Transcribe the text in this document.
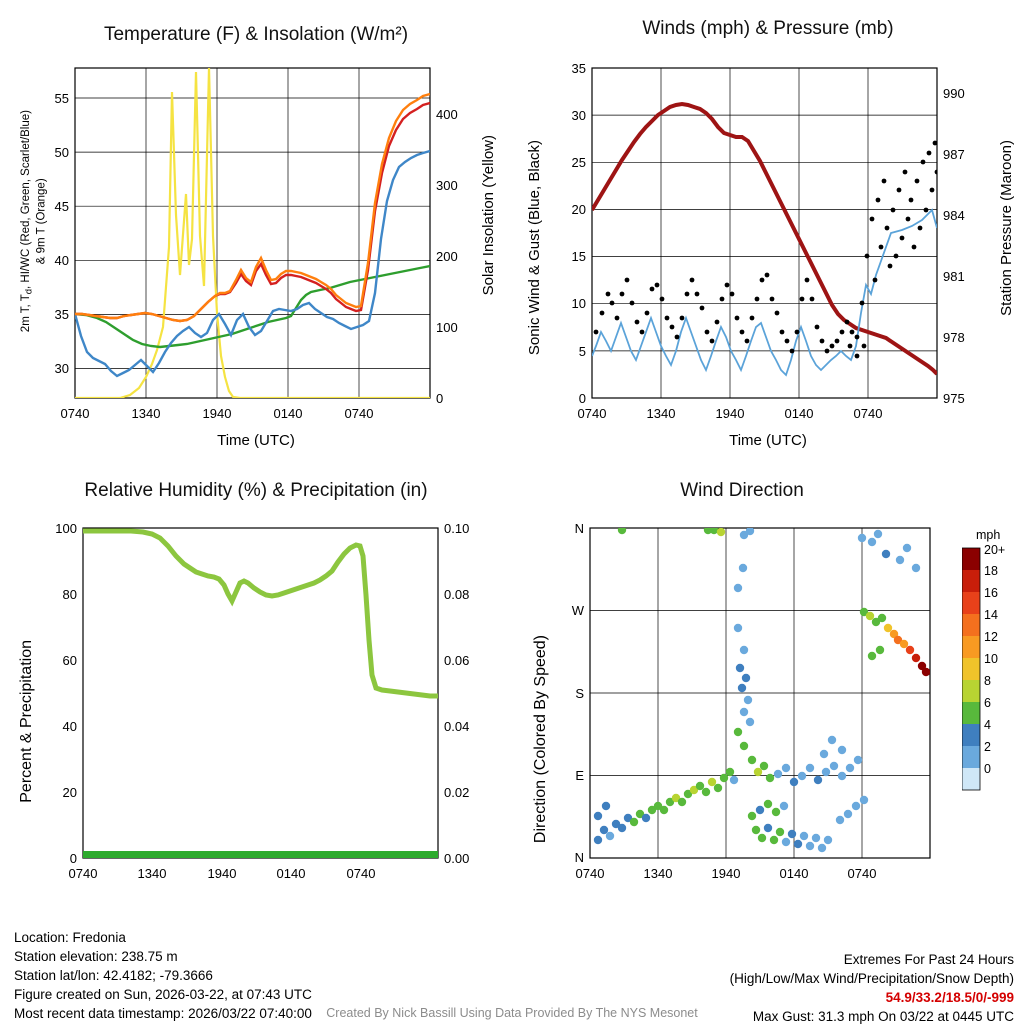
Temperature (F) & Insolation (W/m²)
2m T, $T_d$, HI/WC (Red, Green, Scarlet/Blue) & 9m T (Orange)	Solar Insolation (Yellow)
Time (UTC)
30
35
40
45
50
55
0
100
200
300
400
0740	1340	1940	0140	0740
Winds (mph) & Pressure (mb)
Sonic Wind & Gust (Blue, Black)	Station Pressure (Maroon)
Time (UTC)
0
5
10
15
20
25
30
35
975
978
981
984
987
990
0740	1340	1940	0140	0740
Relative Humidity (%) & Precipitation (in)
Percent & Precipitation
0
20
40
60
80
100
0.00
0.02
0.04
0.06
0.08
0.10
0740	1340	1940	0140	0740
Wind Direction
Direction (Colored By Speed)
N
W
S
E
N
0740	1340	1940	0140	0740
mph
20+
18
16
14
12
10
8
6
4
2
0
Location: Fredonia
Station elevation: 238.75 m
Station lat/lon: 42.4182; -79.3666
Figure created on Sun, 2026-03-22, at 07:43 UTC
Most recent data timestamp: 2026/03/22 07:40:00
Extremes For Past 24 Hours
(High/Low/Max Wind/Precipitation/Snow Depth)
54.9/33.2/18.5/0/-999
Max Gust: 31.3 mph On 03/22 at 0445 UTC
Created By Nick Bassill Using Data Provided By The NYS Mesonet
